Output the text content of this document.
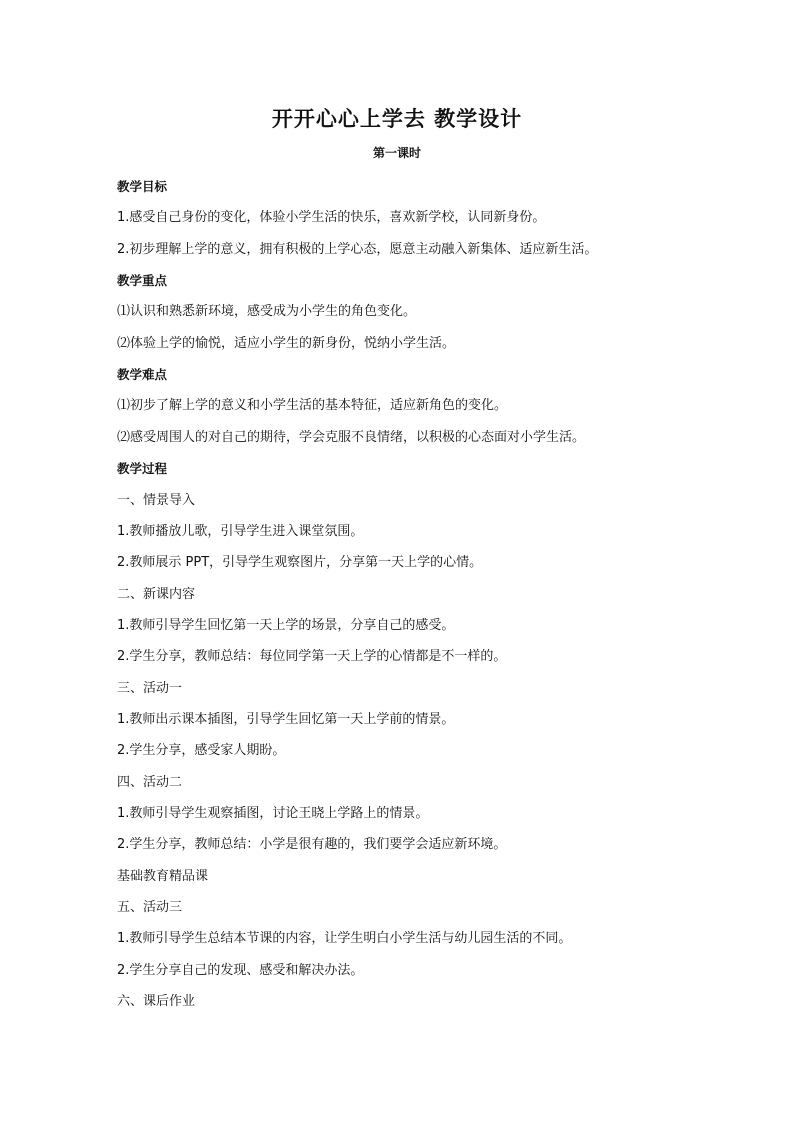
开开心心上学去 教学设计
第一课时
教学目标
1.感受自己身份的变化，体验小学生活的快乐，喜欢新学校，认同新身份。
2.初步理解上学的意义，拥有积极的上学心态，愿意主动融入新集体、适应新生活。
教学重点
⑴认识和熟悉新环境，感受成为小学生的角色变化。
⑵体验上学的愉悦，适应小学生的新身份，悦纳小学生活。
教学难点
⑴初步了解上学的意义和小学生活的基本特征，适应新角色的变化。
⑵感受周围人的对自己的期待，学会克服不良情绪，以积极的心态面对小学生活。
教学过程
一、情景导入
1.教师播放儿歌，引导学生进入课堂氛围。
2.教师展示 PPT，引导学生观察图片，分享第一天上学的心情。
二、新课内容
1.教师引导学生回忆第一天上学的场景，分享自己的感受。
2.学生分享，教师总结：每位同学第一天上学的心情都是不一样的。
三、活动一
1.教师出示课本插图，引导学生回忆第一天上学前的情景。
2.学生分享，感受家人期盼。
四、活动二
1.教师引导学生观察插图，讨论王晓上学路上的情景。
2.学生分享，教师总结：小学是很有趣的，我们要学会适应新环境。
基础教育精品课
五、活动三
1.教师引导学生总结本节课的内容，让学生明白小学生活与幼儿园生活的不同。
2.学生分享自己的发现、感受和解决办法。
六、课后作业
